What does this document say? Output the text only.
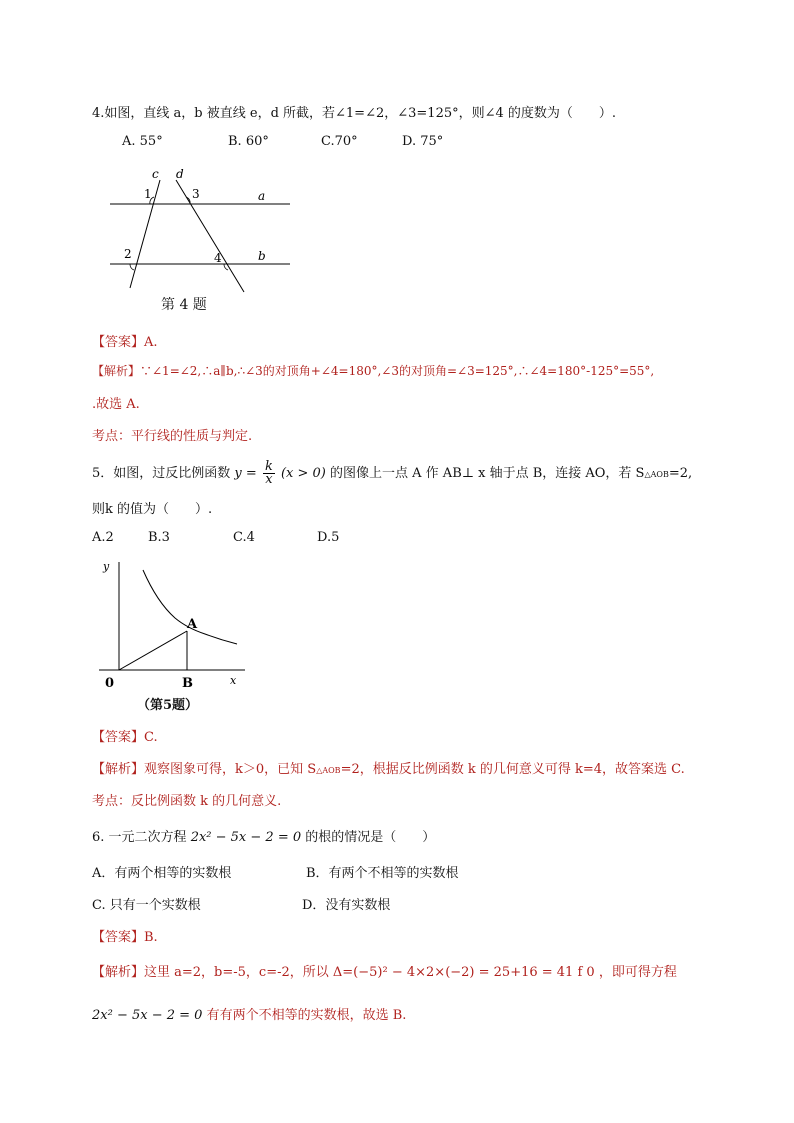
4.如图，直线 a，b 被直线 e，d 所截，若∠1=∠2，∠3=125°，则∠4 的度数为（　　）.
A. 55°	B. 60°	C.70°	D. 75°
c d
a
b
1
2
3
4
第 4 题
【答案】A.
【解析】∵∠1=∠2,∴a∥b,∴∠3的对顶角+∠4=180°,∠3的对顶角=∠3=125°,∴∠4=180°-125°=55°,
.故选 A.
考点：平行线的性质与判定.
5．如图，过反比例函数 $y = \frac{k}{x} (x > 0)$ 的图像上一点 A 作 AB⊥ x 轴于点 B，连接 AO，若 S△AOB=2,
则k 的值为（　　）.
A.2	B.3	C.4	D.5
y
x
A
B
0
（第5题）
【答案】C.
【解析】观察图象可得，k＞0，已知 S△AOB=2，根据反比例函数 k 的几何意义可得 k=4，故答案选 C.
考点：反比例函数 k 的几何意义.
6. 一元二次方程 2x² − 5x − 2 = 0 的根的情况是（　　）
A．有两个相等的实数根	B．有两个不相等的实数根
C. 只有一个实数根	D．没有实数根
【答案】B.
【解析】这里 a=2，b=-5，c=-2，所以 Δ=(−5)² − 4×2×(−2) = 25+16 = 41 f 0 ，即可得方程
2x² − 5x − 2 = 0 有有两个不相等的实数根，故选 B.
